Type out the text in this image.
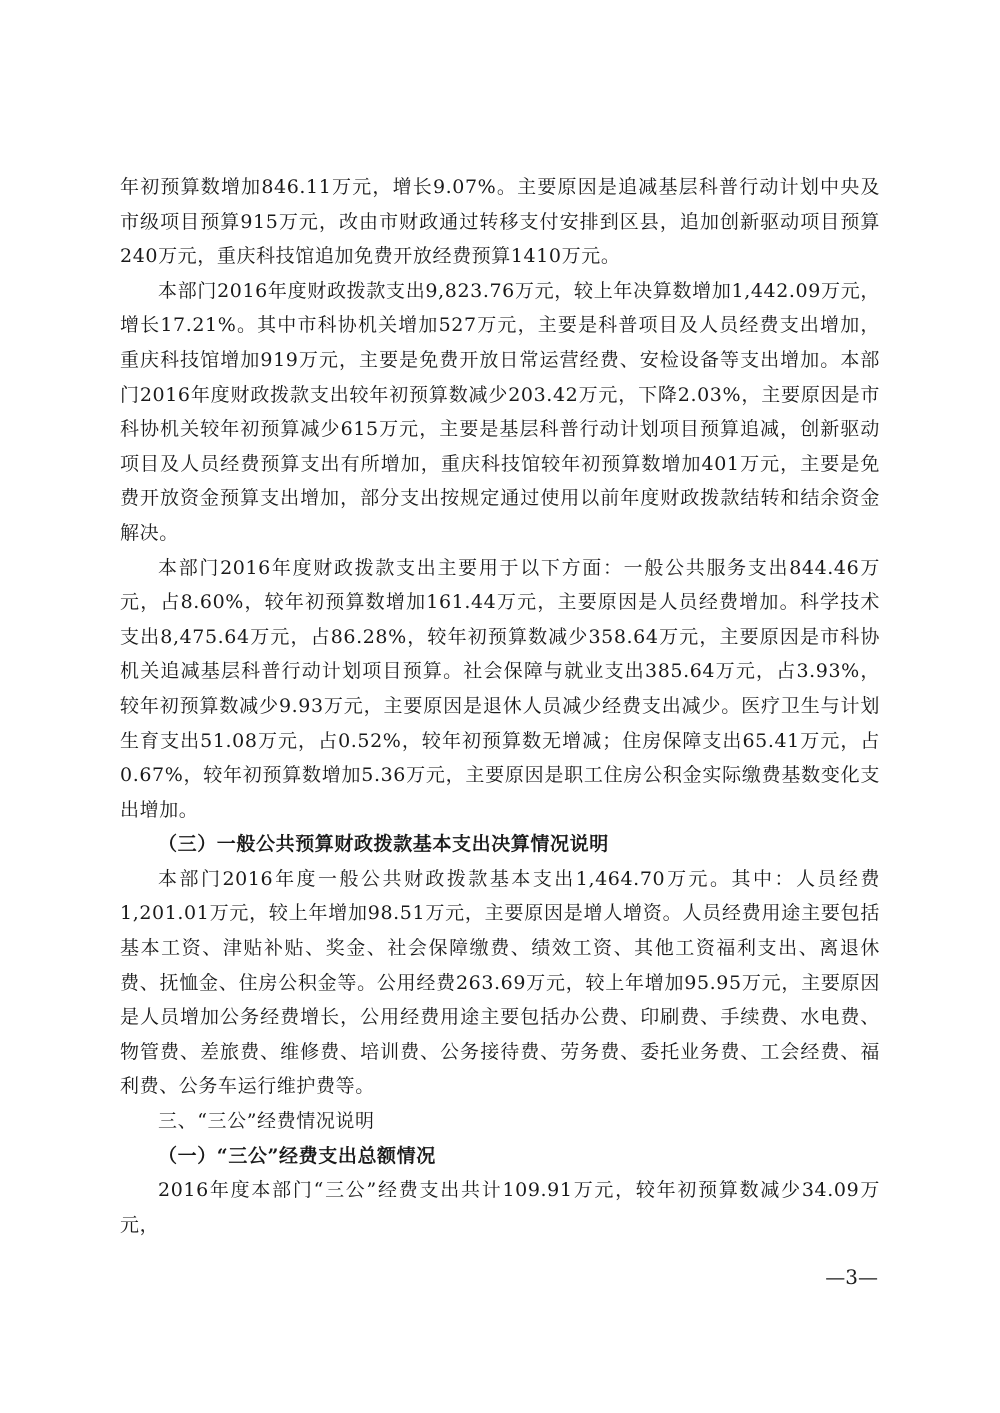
年初预算数增加846.11万元，增长9.07%。主要原因是追减基层科普行动计划中央及市级项目预算915万元，改由市财政通过转移支付安排到区县，追加创新驱动项目预算240万元，重庆科技馆追加免费开放经费预算1410万元。

本部门2016年度财政拨款支出9,823.76万元，较上年决算数增加1,442.09万元，增长17.21%。其中市科协机关增加527万元，主要是科普项目及人员经费支出增加，重庆科技馆增加919万元，主要是免费开放日常运营经费、安检设备等支出增加。本部门2016年度财政拨款支出较年初预算数减少203.42万元，下降2.03%，主要原因是市科协机关较年初预算减少615万元，主要是基层科普行动计划项目预算追减，创新驱动项目及人员经费预算支出有所增加，重庆科技馆较年初预算数增加401万元，主要是免费开放资金预算支出增加，部分支出按规定通过使用以前年度财政拨款结转和结余资金解决。

本部门2016年度财政拨款支出主要用于以下方面：一般公共服务支出844.46万元，占8.60%，较年初预算数增加161.44万元，主要原因是人员经费增加。科学技术支出8,475.64万元，占86.28%，较年初预算数减少358.64万元，主要原因是市科协机关追减基层科普行动计划项目预算。社会保障与就业支出385.64万元，占3.93%，较年初预算数减少9.93万元，主要原因是退休人员减少经费支出减少。医疗卫生与计划生育支出51.08万元，占0.52%，较年初预算数无增减；住房保障支出65.41万元，占0.67%，较年初预算数增加5.36万元，主要原因是职工住房公积金实际缴费基数变化支出增加。

（三）一般公共预算财政拨款基本支出决算情况说明

本部门2016年度一般公共财政拨款基本支出1,464.70万元。其中：人员经费1,201.01万元，较上年增加98.51万元，主要原因是增人增资。人员经费用途主要包括基本工资、津贴补贴、奖金、社会保障缴费、绩效工资、其他工资福利支出、离退休费、抚恤金、住房公积金等。公用经费263.69万元，较上年增加95.95万元，主要原因是人员增加公务经费增长，公用经费用途主要包括办公费、印刷费、手续费、水电费、物管费、差旅费、维修费、培训费、公务接待费、劳务费、委托业务费、工会经费、福利费、公务车运行维护费等。

三、“三公”经费情况说明

（一）“三公”经费支出总额情况

2016年度本部门“三公”经费支出共计109.91万元，较年初预算数减少34.09万元，

—3—
